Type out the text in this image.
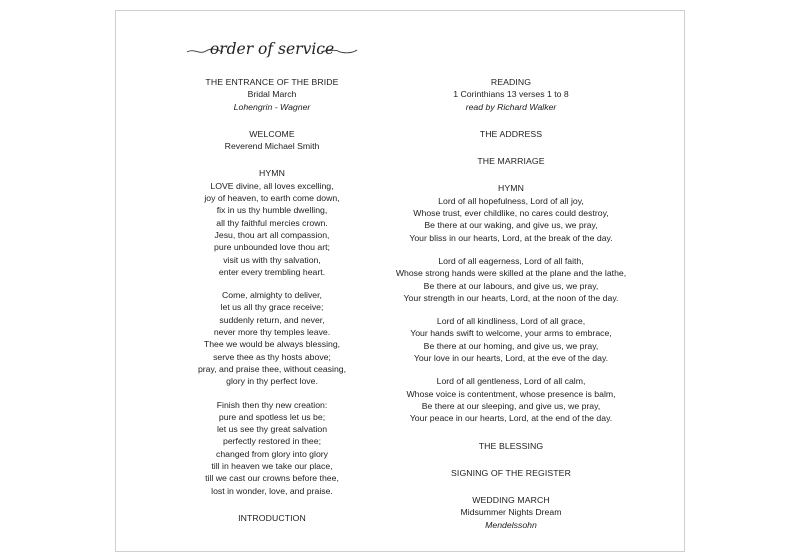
order of service
THE ENTRANCE OF THE BRIDE
Bridal March
Lohengrin - Wagner
WELCOME
Reverend Michael Smith
HYMN
LOVE divine, all loves excelling,
joy of heaven, to earth come down,
fix in us thy humble dwelling,
all thy faithful mercies crown.
Jesu, thou art all compassion,
pure unbounded love thou art;
visit us with thy salvation,
enter every trembling heart.
Come, almighty to deliver,
let us all thy grace receive;
suddenly return, and never,
never more thy temples leave.
Thee we would be always blessing,
serve thee as thy hosts above;
pray, and praise thee, without ceasing,
glory in thy perfect love.
Finish then thy new creation:
pure and spotless let us be;
let us see thy great salvation
perfectly restored in thee;
changed from glory into glory
till in heaven we take our place,
till we cast our crowns before thee,
lost in wonder, love, and praise.
INTRODUCTION
READING
1 Corinthians 13 verses 1 to 8
read by Richard Walker
THE ADDRESS
THE MARRIAGE
HYMN
Lord of all hopefulness, Lord of all joy,
Whose trust, ever childlike, no cares could destroy,
Be there at our waking, and give us, we pray,
Your bliss in our hearts, Lord, at the break of the day.
Lord of all eagerness, Lord of all faith,
Whose strong hands were skilled at the plane and the lathe,
Be there at our labours, and give us, we pray,
Your strength in our hearts, Lord, at the noon of the day.
Lord of all kindliness, Lord of all grace,
Your hands swift to welcome, your arms to embrace,
Be there at our homing, and give us, we pray,
Your love in our hearts, Lord, at the eve of the day.
Lord of all gentleness, Lord of all calm,
Whose voice is contentment, whose presence is balm,
Be there at our sleeping, and give us, we pray,
Your peace in our hearts, Lord, at the end of the day.
THE BLESSING
SIGNING OF THE REGISTER
WEDDING MARCH
Midsummer Nights Dream
Mendelssohn
